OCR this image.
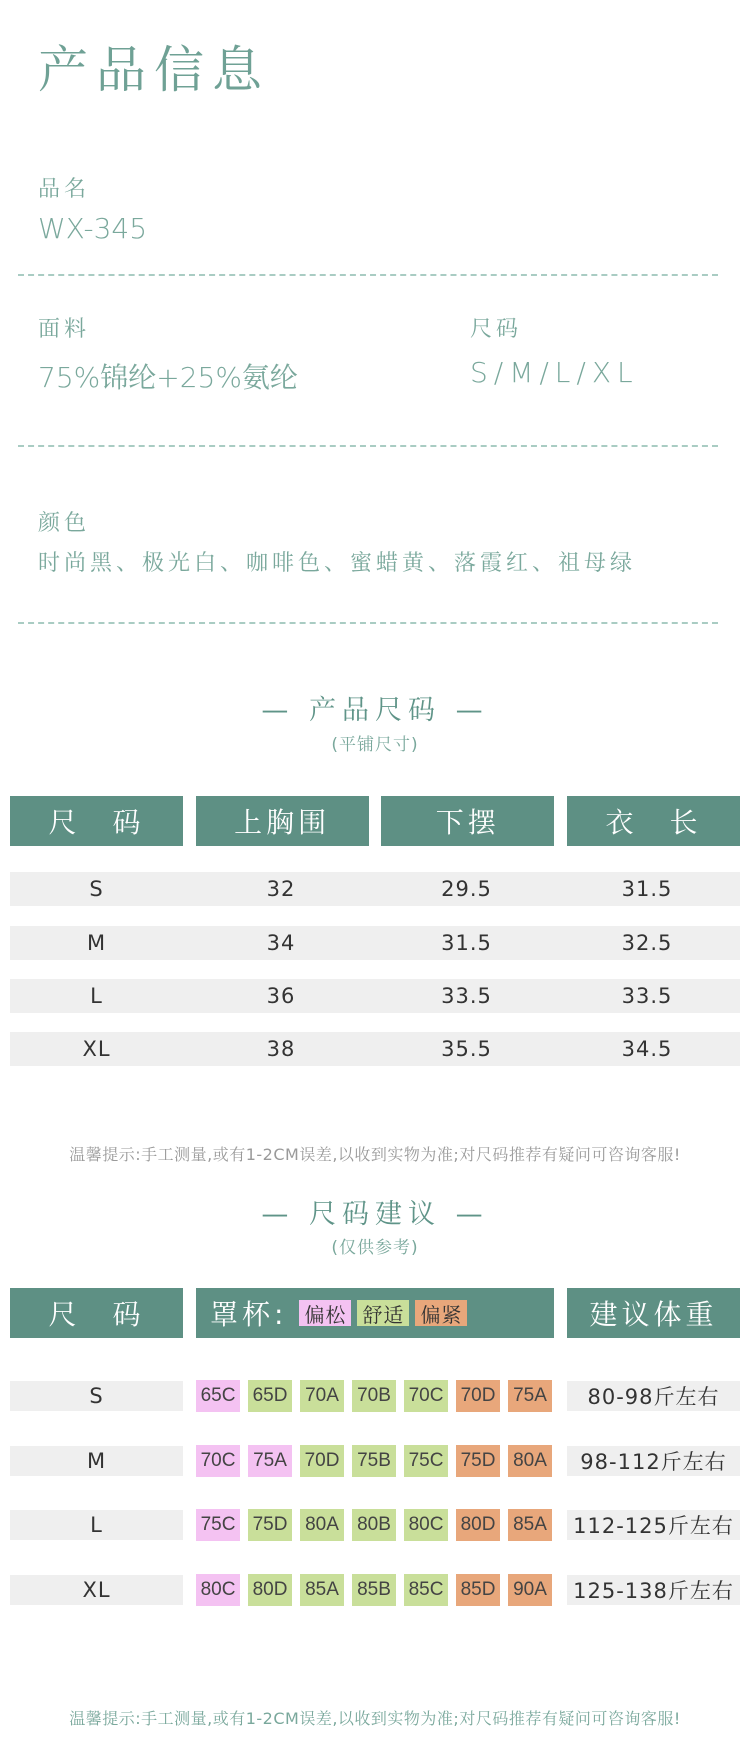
产品信息
品名
WX-345
面料
75%锦纶+25%氨纶
尺码
S/M/L/XL
颜色
时尚黑、极光白、咖啡色、蜜蜡黄、落霞红、祖母绿
— 产品尺码 —
(平铺尺寸)
尺　码	上胸围	下摆	衣　长
S	32	29.5	31.5
M	34	31.5	32.5
L	36	33.5	33.5
XL	38	35.5	34.5
温馨提示:手工测量,或有1-2CM误差,以收到实物为准;对尺码推荐有疑问可咨询客服!
— 尺码建议 —
(仅供参考)
尺　码	罩杯: 偏松 舒适 偏紧	建议体重
S	65C 65D 70A 70B 70C 70D 75A	80-98斤左右
M	70C 75A 70D 75B 75C 75D 80A	98-112斤左右
L	75C 75D 80A 80B 80C 80D 85A 112-125斤左右
XL	80C 80D 85A 85B 85C 85D 90A 125-138斤左右
温馨提示:手工测量,或有1-2CM误差,以收到实物为准;对尺码推荐有疑问可咨询客服!
